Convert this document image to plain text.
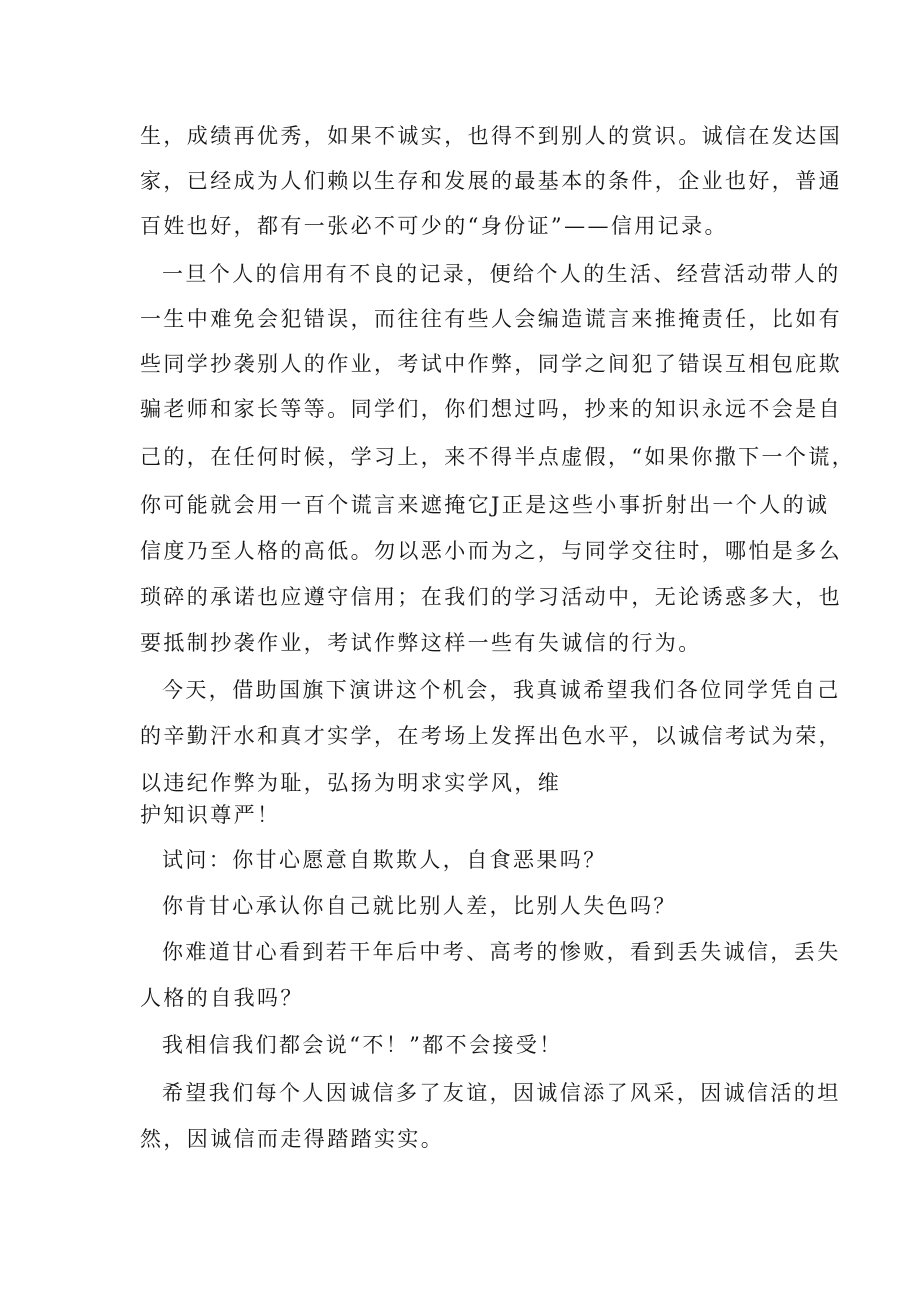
生，成绩再优秀，如果不诚实，也得不到别人的赏识。诚信在发达国
家，已经成为人们赖以生存和发展的最基本的条件，企业也好，普通
百姓也好，都有一张必不可少的“身份证”——信用记录。
一旦个人的信用有不良的记录，便给个人的生活、经营活动带人的
一生中难免会犯错误，而往往有些人会编造谎言来推掩责任，比如有
些同学抄袭别人的作业，考试中作弊，同学之间犯了错误互相包庇欺
骗老师和家长等等。同学们，你们想过吗，抄来的知识永远不会是自
己的，在任何时候，学习上，来不得半点虚假，“如果你撒下一个谎，
你可能就会用一百个谎言来遮掩它J正是这些小事折射出一个人的诚
信度乃至人格的高低。勿以恶小而为之，与同学交往时，哪怕是多么
琐碎的承诺也应遵守信用；在我们的学习活动中，无论诱惑多大，也
要抵制抄袭作业，考试作弊这样一些有失诚信的行为。
今天，借助国旗下演讲这个机会，我真诚希望我们各位同学凭自己
的辛勤汗水和真才实学，在考场上发挥出色水平，以诚信考试为荣，
以违纪作弊为耻，弘扬为明求实学风，维
护知识尊严！
试问：你甘心愿意自欺欺人，自食恶果吗？
你肯甘心承认你自己就比别人差，比别人失色吗？
你难道甘心看到若干年后中考、高考的惨败，看到丢失诚信，丢失
人格的自我吗？
我相信我们都会说“不！”都不会接受！
希望我们每个人因诚信多了友谊，因诚信添了风采，因诚信活的坦
然，因诚信而走得踏踏实实。
